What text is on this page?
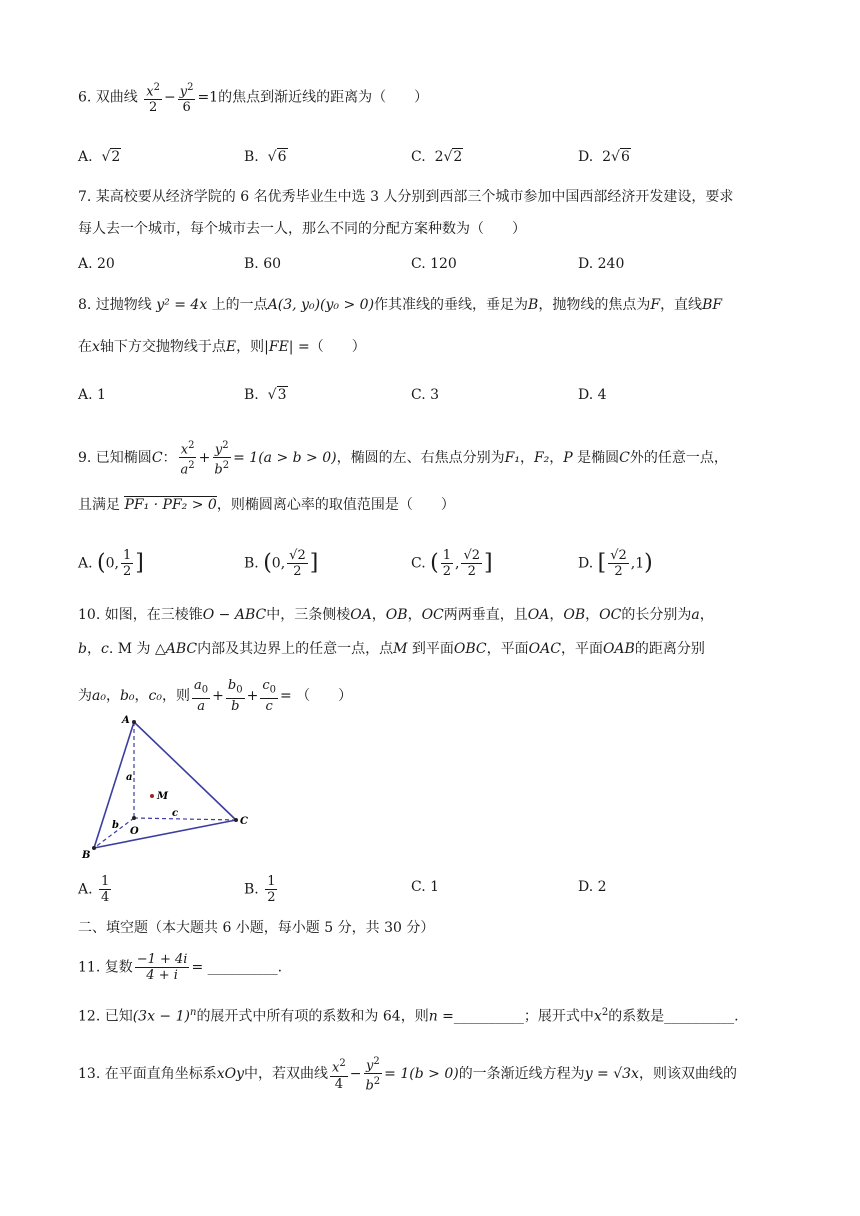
6. 双曲线 $\frac{x^2}{2} - \frac{y^2}{6} =1$的焦点到渐近线的距离为（　　）
A. √2	B. √6	C. 2√2	D. 2√6
7. 某高校要从经济学院的 6 名优秀毕业生中选 3 人分别到西部三个城市参加中国西部经济开发建设，要求
每人去一个城市，每个城市去一人，那么不同的分配方案种数为（　　）
A. 20	B. 60	C. 120	D. 240
8. 过抛物线 y² = 4x 上的一点A(3, y₀)(y₀ > 0)作其准线的垂线，垂足为B，抛物线的焦点为F，直线BF
在x轴下方交抛物线于点E，则|FE| =（　　）
A. 1	B. √3	C. 3	D. 4
9. 已知椭圆C： $\frac{x^2}{a^2} + \frac{y^2}{b^2} = 1(a > b > 0)$，椭圆的左、右焦点分别为F₁，F₂，P 是椭圆C外的任意一点，
且满足 PF₁ · PF₂ > 0，则椭圆离心率的取值范围是（　　）
A. (0, $\frac{1}{2}$ ]	B. (0, $\frac{√2}{2}$ ]	C. ( $\frac{1}{2}$ , $\frac{√2}{2}$ ]	D. [ $\frac{√2}{2} ,1$)
10. 如图，在三棱锥O − ABC中，三条侧棱OA，OB，OC两两垂直，且OA，OB，OC的长分别为a，
b，c. M 为 △ABC内部及其边界上的任意一点，点M 到平面OBC，平面OAC，平面OAB的距离分别
为a₀，b₀，c₀，则 $\frac{a_0}{a} + \frac{b_0}{b} + \frac{c_0}{c}$ = （　　）
A
B
C
O
M
a
b
c
A. $\frac{1}{4}$	B. $\frac{1}{2}$	C. 1	D. 2
二、填空题（本大题共 6 小题，每小题 5 分，共 30 分）
11. 复数 $\frac{-1 + 4i}{4 + i}$ = __________.
12. 已知$(3x - 1)^n$的展开式中所有项的系数和为 64，则n =__________；展开式中$x^2$的系数是__________.
13. 在平面直角坐标系xOy中，若双曲线 $\frac{x^2}{4} - \frac{y^2}{b^2} = 1(b > 0)$的一条渐近线方程为y = √3x，则该双曲线的
